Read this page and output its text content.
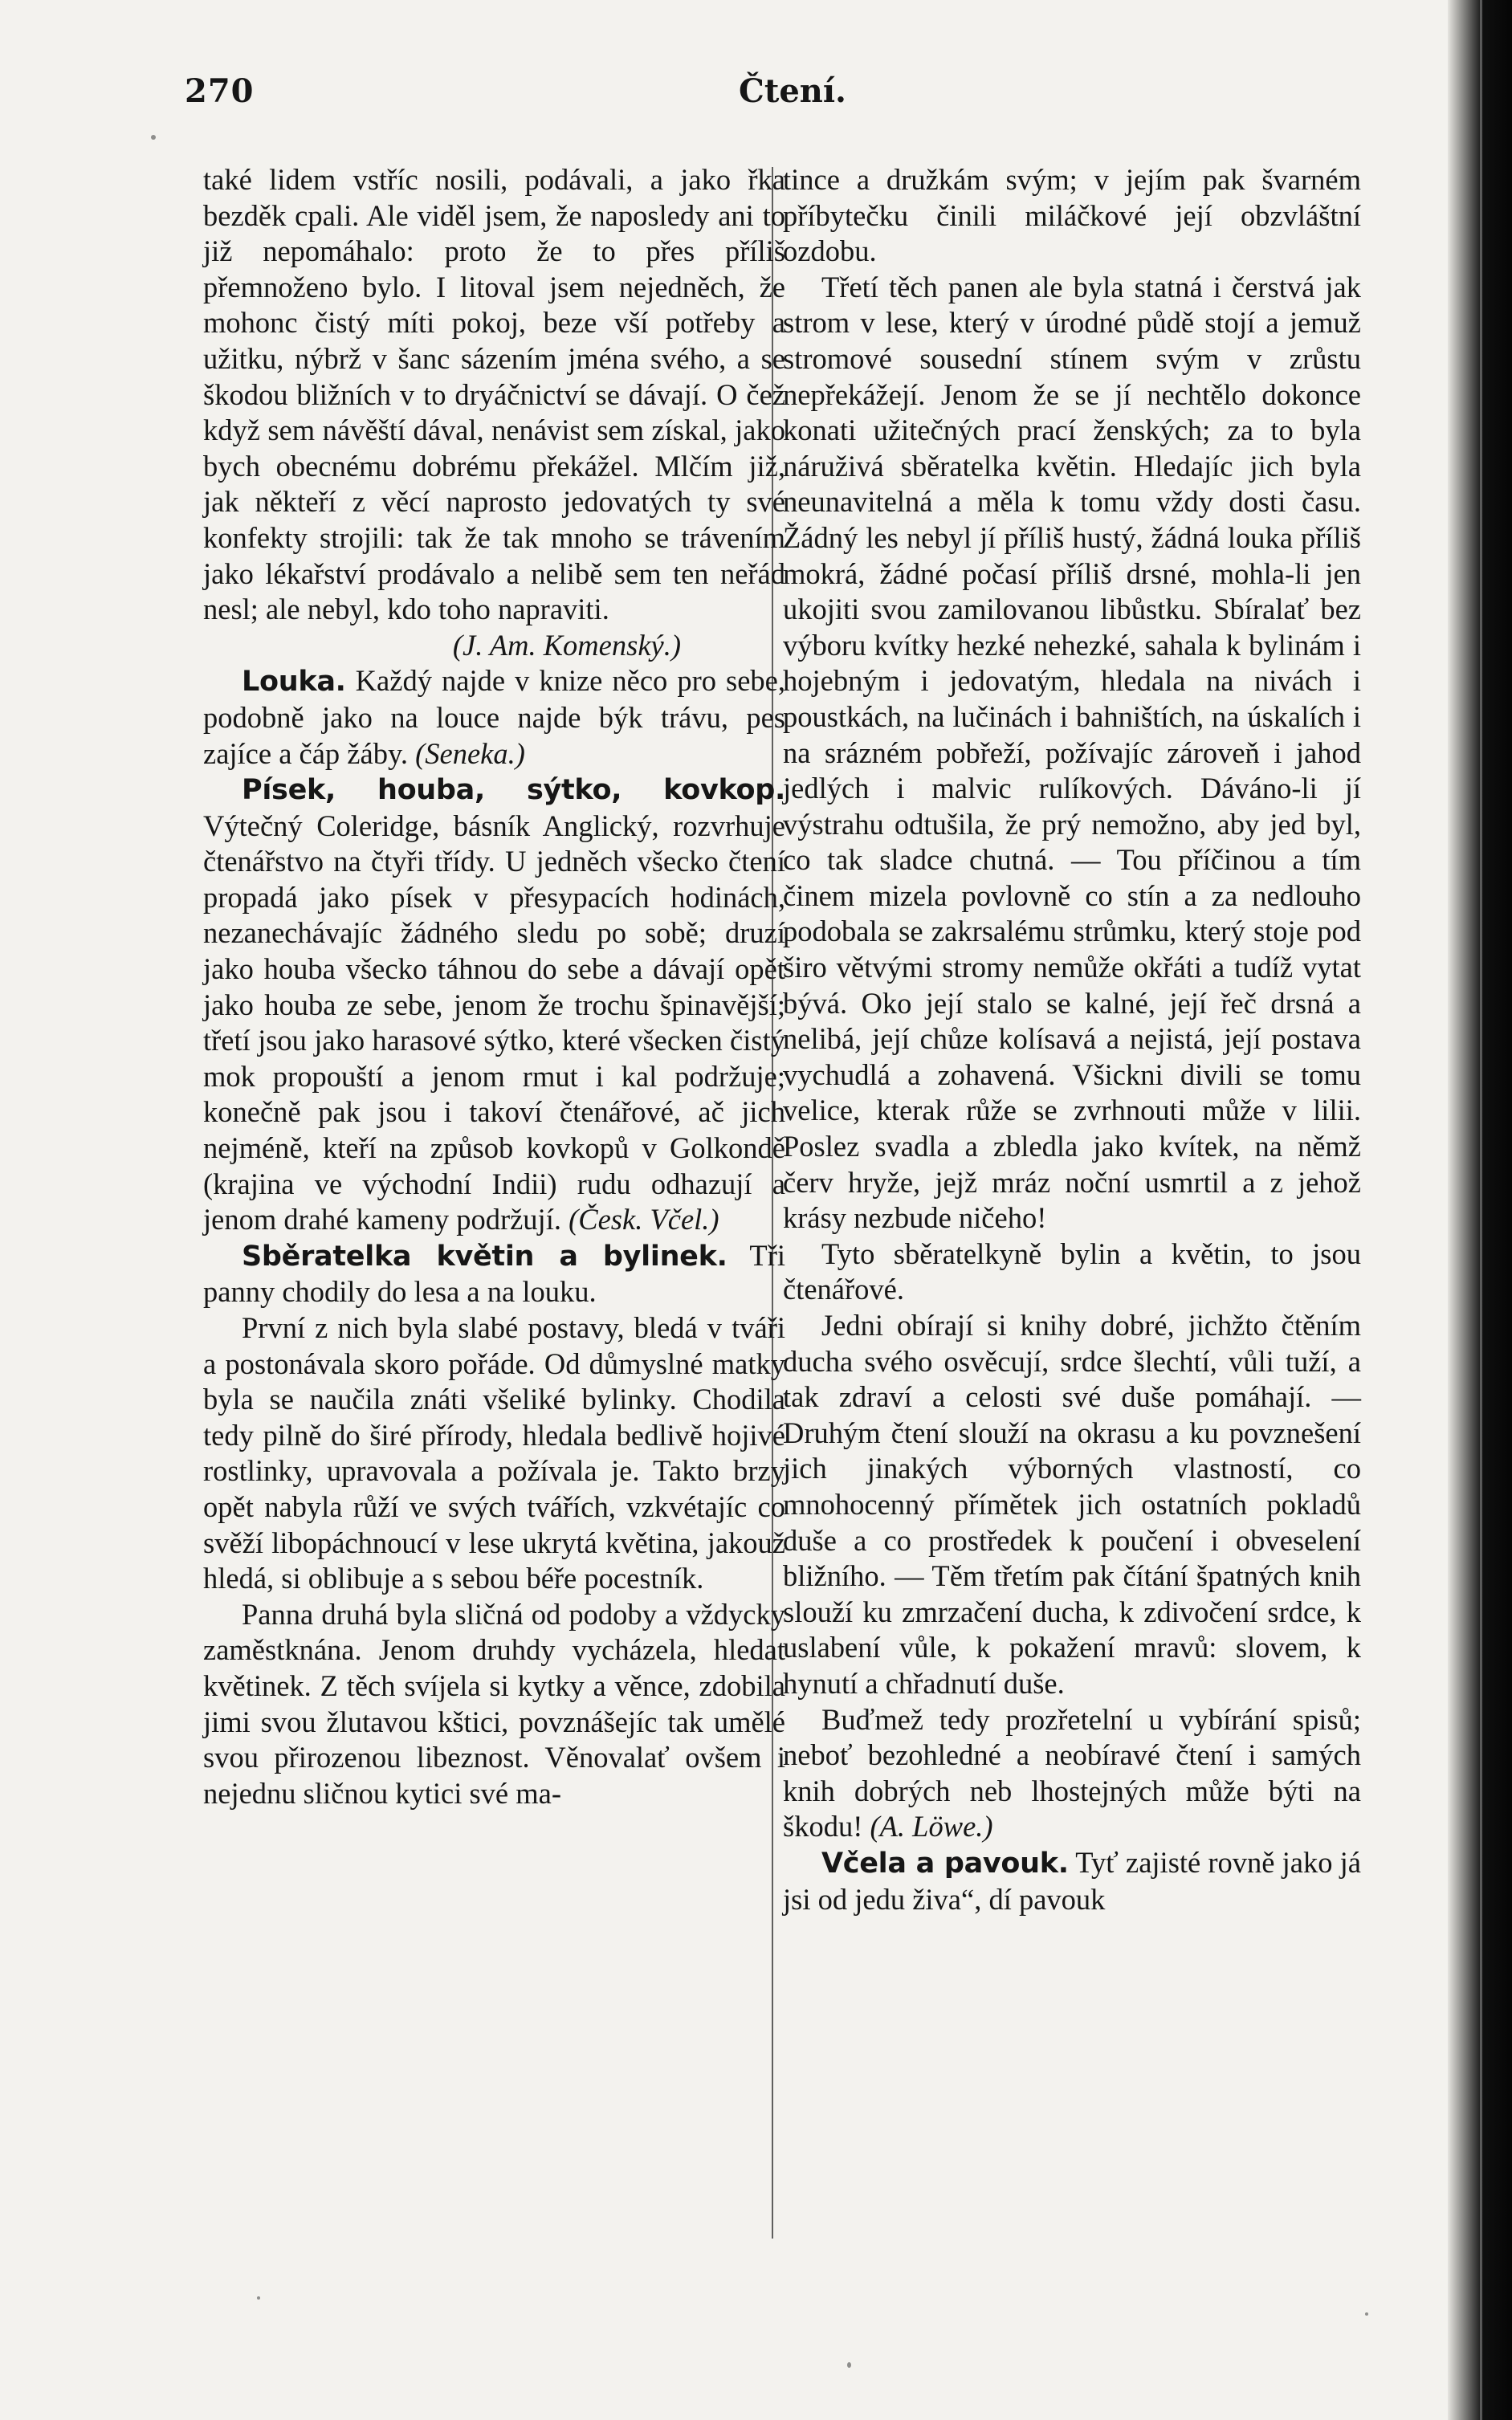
270	Čtení.

také lidem vstříc nosili, podávali, a jako řka bezděk cpali. Ale viděl jsem, že naposledy ani to již nepomáhalo: proto že to přes příliš přemnoženo bylo. I litoval jsem nejedněch, že mohonc čistý míti pokoj, beze vší potřeby a užitku, nýbrž v šanc sázením jména svého, a se škodou bližních v to dryáčnictví se dávají. O čež když sem návěští dával, nenávist sem získal, jako bych obecnému dobrému překážel. Mlčím již, jak někteří z věcí naprosto jedovatých ty své konfekty strojili: tak že tak mnoho se trávením jako lékařství prodávalo a nelibě sem ten neřád nesl; ale nebyl, kdo toho napraviti.

(J. Am. Komenský.)

Louka. Každý najde v knize něco pro sebe, podobně jako na louce najde býk trávu, pes zajíce a čáp žáby. (Seneka.)

Písek, houba, sýtko, kovkop. Výtečný Coleridge, básník Anglický, rozvrhuje čtenářstvo na čtyři třídy. U jedněch všecko čtení propadá jako písek v přesypacích hodinách, nezanechávajíc žádného sledu po sobě; druzí jako houba všecko táhnou do sebe a dávají opět jako houba ze sebe, jenom že trochu špinavější; třetí jsou jako harasové sýtko, které všecken čistý mok propouští a jenom rmut i kal podržuje; konečně pak jsou i takoví čtenářové, ač jich nejméně, kteří na způsob kovkopů v Golkondě (krajina ve východní Indii) rudu odhazují a jenom drahé kameny podržují. (Česk. Včel.)

Sběratelka květin a bylinek. Tři panny chodily do lesa a na louku.

První z nich byla slabé postavy, bledá v tváři a postonávala skoro pořáde. Od důmyslné matky byla se naučila znáti všeliké bylinky. Chodila tedy pilně do širé přírody, hledala bedlivě hojivé rostlinky, upravovala a požívala je. Takto brzy opět nabyla růží ve svých tvářích, vzkvétajíc co svěží libopáchnoucí v lese ukrytá květina, jakouž hledá, si oblibuje a s sebou béře pocestník.

Panna druhá byla sličná od podoby a vždycky zaměstknána. Jenom druhdy vycházela, hledat květinek. Z těch svíjela si kytky a věnce, zdobila jimi svou žlutavou kštici, povznášejíc tak umělé svou přirozenou libeznost. Věnovalať ovšem i nejednu sličnou kytici své ma-

tince a družkám svým; v jejím pak švarném příbytečku činili miláčkové její obzvláštní ozdobu.

Třetí těch panen ale byla statná i čerstvá jak strom v lese, který v úrodné půdě stojí a jemuž stromové sousední stínem svým v zrůstu nepřekážejí. Jenom že se jí nechtělo dokonce konati užitečných prací ženských; za to byla náruživá sběratelka květin. Hledajíc jich byla neunavitelná a měla k tomu vždy dosti času. Žádný les nebyl jí příliš hustý, žádná louka příliš mokrá, žádné počasí příliš drsné, mohla-li jen ukojiti svou zamilovanou libůstku. Sbíralať bez výboru kvítky hezké nehezké, sahala k bylinám i hojebným i jedovatým, hledala na nivách i poustkách, na lučinách i bahništích, na úskalích i na srázném pobřeží, požívajíc zároveň i jahod jedlých i malvic rulíkových. Dáváno-li jí výstrahu odtušila, že prý nemožno, aby jed byl, co tak sladce chutná. — Tou příčinou a tím činem mizela povlovně co stín a za nedlouho podobala se zakrsalému strůmku, který stoje pod širo větvými stromy nemůže okřáti a tudíž vytat bývá. Oko její stalo se kalné, její řeč drsná a nelibá, její chůze kolísavá a nejistá, její postava vychudlá a zohavená. Všickni divili se tomu velice, kterak růže se zvrhnouti může v lilii. Poslez svadla a zbledla jako kvítek, na němž červ hryže, jejž mráz noční usmrtil a z jehož krásy nezbude ničeho!

Tyto sběratelkyně bylin a květin, to jsou čtenářové.

Jedni obírají si knihy dobré, jichžto čtěním ducha svého osvěcují, srdce šlechtí, vůli tuží, a tak zdraví a celosti své duše pomáhají. — Druhým čtení slouží na okrasu a ku povznešení jich jinakých výborných vlastností, co mnohocenný přímětek jich ostatních pokladů duše a co prostředek k poučení i obveselení bližního. — Těm třetím pak čítání špatných knih slouží ku zmrzačení ducha, k zdivočení srdce, k uslabení vůle, k pokažení mravů: slovem, k hynutí a chřadnutí duše.

Buďmež tedy prozřetelní u vybírání spisů; neboť bezohledné a neobíravé čtení i samých knih dobrých neb lhostejných může býti na škodu! (A. Löwe.)

Včela a pavouk. Tyť zajisté rovně jako já jsi od jedu živa“, dí pavouk
